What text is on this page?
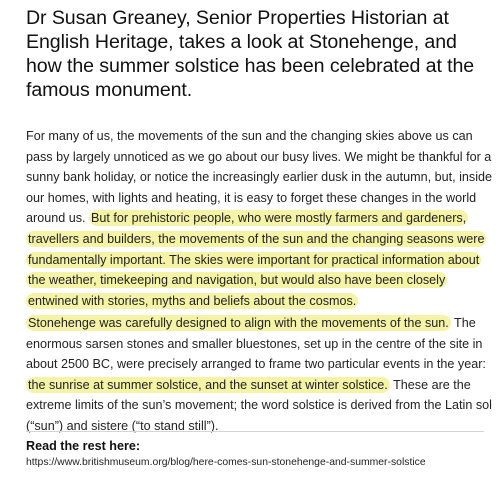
Dr Susan Greaney, Senior Properties Historian at English Heritage, takes a look at Stonehenge, and how the summer solstice has been celebrated at the famous monument.

For many of us, the movements of the sun and the changing skies above us can pass by largely unnoticed as we go about our busy lives. We might be thankful for a sunny bank holiday, or notice the increasingly earlier dusk in the autumn, but, inside our homes, with lights and heating, it is easy to forget these changes in the world around us. But for prehistoric people, who were mostly farmers and gardeners, travellers and builders, the movements of the sun and the changing seasons were fundamentally important. The skies were important for practical information about the weather, timekeeping and navigation, but would also have been closely entwined with stories, myths and beliefs about the cosmos.

Stonehenge was carefully designed to align with the movements of the sun. The enormous sarsen stones and smaller bluestones, set up in the centre of the site in about 2500 BC, were precisely arranged to frame two particular events in the year: the sunrise at summer solstice, and the sunset at winter solstice. These are the extreme limits of the sun’s movement; the word solstice is derived from the Latin sol (“sun”) and sistere (“to stand still”).

Read the rest here:

https://www.britishmuseum.org/blog/here-comes-sun-stonehenge-and-summer-solstice
